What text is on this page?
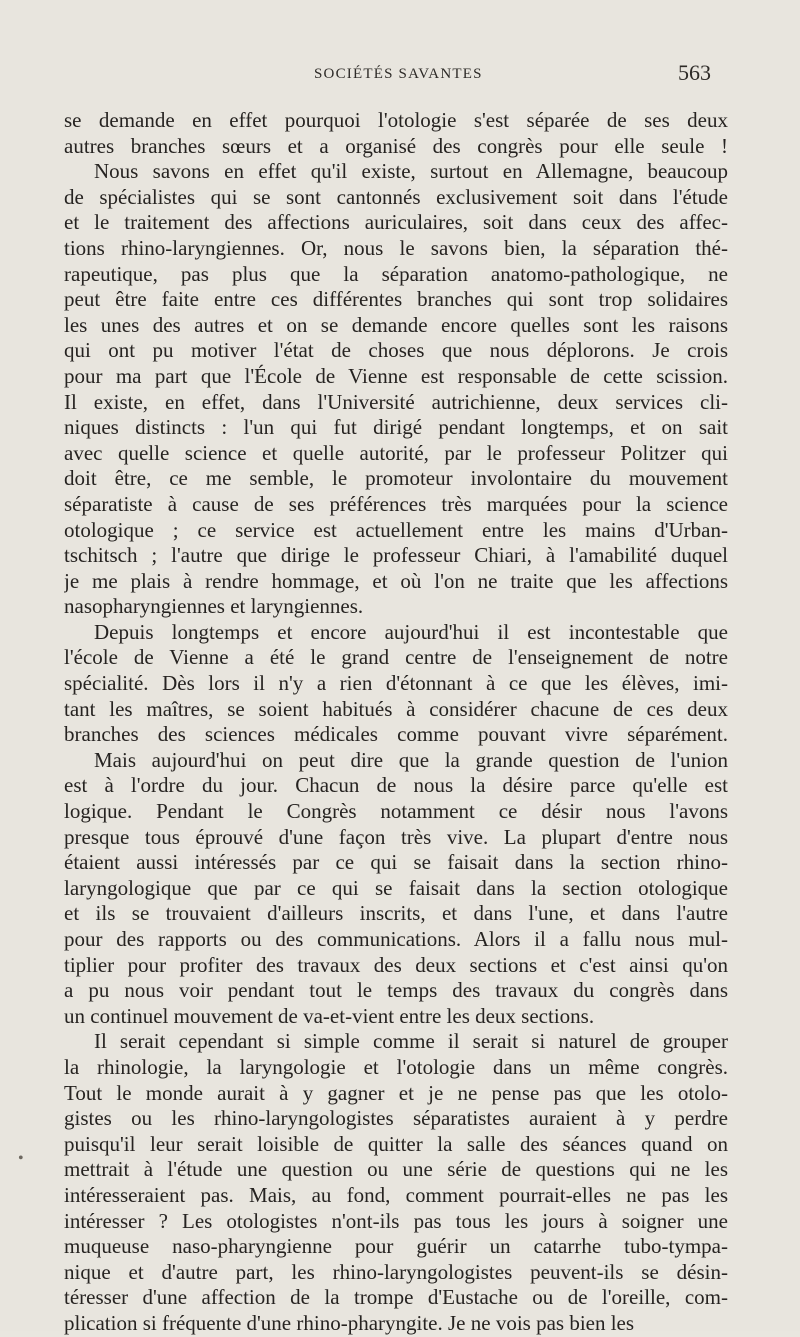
SOCIÉTÉS SAVANTES	563
•
se demande en effet pourquoi l'otologie s'est séparée de ses deux
autres branches sœurs et a organisé des congrès pour elle seule !
Nous savons en effet qu'il existe, surtout en Allemagne, beaucoup
de spécialistes qui se sont cantonnés exclusivement soit dans l'étude
et le traitement des affections auriculaires, soit dans ceux des affec-
tions rhino-laryngiennes. Or, nous le savons bien, la séparation thé-
rapeutique, pas plus que la séparation anatomo-pathologique, ne
peut être faite entre ces différentes branches qui sont trop solidaires
les unes des autres et on se demande encore quelles sont les raisons
qui ont pu motiver l'état de choses que nous déplorons. Je crois
pour ma part que l'École de Vienne est responsable de cette scission.
Il existe, en effet, dans l'Université autrichienne, deux services cli-
niques distincts : l'un qui fut dirigé pendant longtemps, et on sait
avec quelle science et quelle autorité, par le professeur Politzer qui
doit être, ce me semble, le promoteur involontaire du mouvement
séparatiste à cause de ses préférences très marquées pour la science
otologique ; ce service est actuellement entre les mains d'Urban-
tschitsch ; l'autre que dirige le professeur Chiari, à l'amabilité duquel
je me plais à rendre hommage, et où l'on ne traite que les affections
nasopharyngiennes et laryngiennes.
Depuis longtemps et encore aujourd'hui il est incontestable que
l'école de Vienne a été le grand centre de l'enseignement de notre
spécialité. Dès lors il n'y a rien d'étonnant à ce que les élèves, imi-
tant les maîtres, se soient habitués à considérer chacune de ces deux
branches des sciences médicales comme pouvant vivre séparément.
Mais aujourd'hui on peut dire que la grande question de l'union
est à l'ordre du jour. Chacun de nous la désire parce qu'elle est
logique. Pendant le Congrès notamment ce désir nous l'avons
presque tous éprouvé d'une façon très vive. La plupart d'entre nous
étaient aussi intéressés par ce qui se faisait dans la section rhino-
laryngologique que par ce qui se faisait dans la section otologique
et ils se trouvaient d'ailleurs inscrits, et dans l'une, et dans l'autre
pour des rapports ou des communications. Alors il a fallu nous mul-
tiplier pour profiter des travaux des deux sections et c'est ainsi qu'on
a pu nous voir pendant tout le temps des travaux du congrès dans
un continuel mouvement de va-et-vient entre les deux sections.
Il serait cependant si simple comme il serait si naturel de grouper
la rhinologie, la laryngologie et l'otologie dans un même congrès.
Tout le monde aurait à y gagner et je ne pense pas que les otolo-
gistes ou les rhino-laryngologistes séparatistes auraient à y perdre
puisqu'il leur serait loisible de quitter la salle des séances quand on
mettrait à l'étude une question ou une série de questions qui ne les
intéresseraient pas. Mais, au fond, comment pourrait-elles ne pas les
intéresser ? Les otologistes n'ont-ils pas tous les jours à soigner une
muqueuse naso-pharyngienne pour guérir un catarrhe tubo-tympa-
nique et d'autre part, les rhino-laryngologistes peuvent-ils se désin-
téresser d'une affection de la trompe d'Eustache ou de l'oreille, com-
plication si fréquente d'une rhino-pharyngite. Je ne vois pas bien les
